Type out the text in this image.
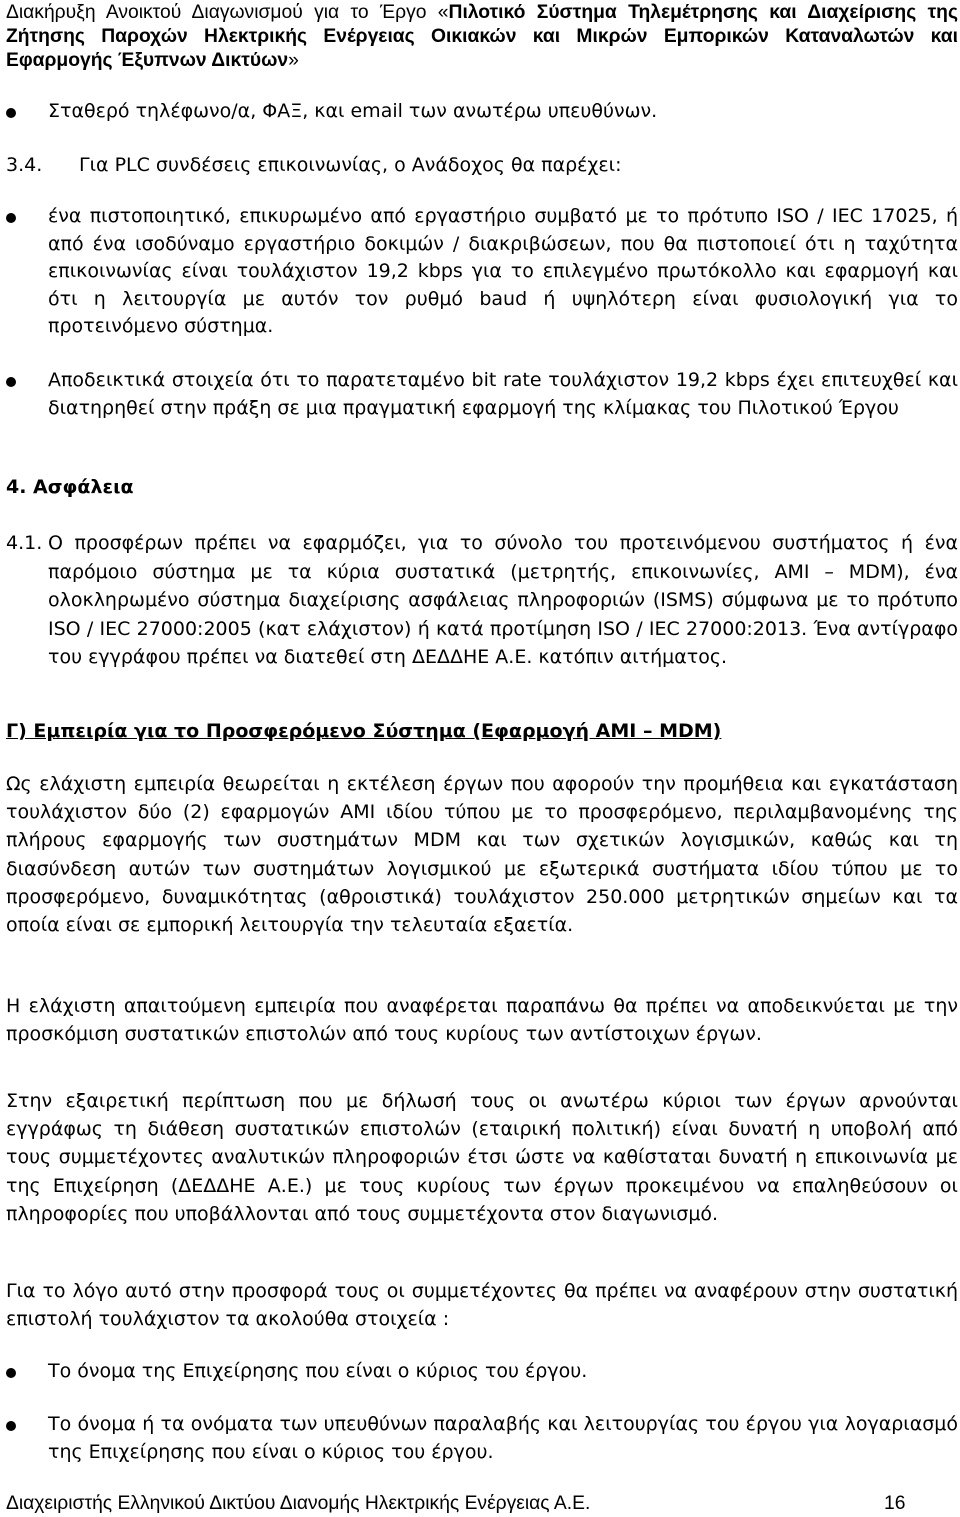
Διακήρυξη Ανοικτού Διαγωνισμού για το Έργο «Πιλοτικό Σύστημα Τηλεμέτρησης και Διαχείρισης της Ζήτησης Παροχών Ηλεκτρικής Ενέργειας Οικιακών και Μικρών Εμπορικών Καταναλωτών και Εφαρμογής Έξυπνων Δικτύων»
Σταθερό τηλέφωνο/α, ΦΑΞ, και email των ανωτέρω υπευθύνων.
3.4. Για PLC συνδέσεις επικοινωνίας, ο Ανάδοχος θα παρέχει:
ένα πιστοποιητικό, επικυρωμένο από εργαστήριο συμβατό με το πρότυπο ISO / IEC 17025, ή από ένα ισοδύναμο εργαστήριο δοκιμών / διακριβώσεων, που θα πιστοποιεί ότι η ταχύτητα επικοινωνίας είναι τουλάχιστον 19,2 kbps για το επιλεγμένο πρωτόκολλο και εφαρμογή και ότι η λειτουργία με αυτόν τον ρυθμό baud ή υψηλότερη είναι φυσιολογική για το προτεινόμενο σύστημα.
Αποδεικτικά στοιχεία ότι το παρατεταμένο bit rate τουλάχιστον 19,2 kbps έχει επιτευχθεί και διατηρηθεί στην πράξη σε μια πραγματική εφαρμογή της κλίμακας του Πιλοτικού Έργου
4. Ασφάλεια
4.1. Ο προσφέρων πρέπει να εφαρμόζει, για το σύνολο του προτεινόμενου συστήματος ή ένα παρόμοιο σύστημα με τα κύρια συστατικά (μετρητής, επικοινωνίες, AMI – MDM), ένα ολοκληρωμένο σύστημα διαχείρισης ασφάλειας πληροφοριών (ISMS) σύμφωνα με το πρότυπο ISO / IEC 27000:2005 (κατ ελάχιστον) ή κατά προτίμηση ISO / IEC 27000:2013. Ένα αντίγραφο του εγγράφου πρέπει να διατεθεί στη ΔΕΔΔΗΕ Α.Ε. κατόπιν αιτήματος.
Γ) Εμπειρία για το Προσφερόμενο Σύστημα (Εφαρμογή AMI – MDM)
Ως ελάχιστη εμπειρία θεωρείται η εκτέλεση έργων που αφορούν την προμήθεια και εγκατάσταση τουλάχιστον δύο (2) εφαρμογών AMI ιδίου τύπου με το προσφερόμενο, περιλαμβανομένης της πλήρους εφαρμογής των συστημάτων MDM και των σχετικών λογισμικών, καθώς και τη διασύνδεση αυτών των συστημάτων λογισμικού με εξωτερικά συστήματα ιδίου τύπου με το προσφερόμενο, δυναμικότητας (αθροιστικά) τουλάχιστον 250.000 μετρητικών σημείων και τα οποία είναι σε εμπορική λειτουργία την τελευταία εξαετία.
Η ελάχιστη απαιτούμενη εμπειρία που αναφέρεται παραπάνω θα πρέπει να αποδεικνύεται με την προσκόμιση συστατικών επιστολών από τους κυρίους των αντίστοιχων έργων.
Στην εξαιρετική περίπτωση που με δήλωσή τους οι ανωτέρω κύριοι των έργων αρνούνται εγγράφως τη διάθεση συστατικών επιστολών (εταιρική πολιτική) είναι δυνατή η υποβολή από τους συμμετέχοντες αναλυτικών πληροφοριών έτσι ώστε να καθίσταται δυνατή η επικοινωνία με της Επιχείρηση (ΔΕΔΔΗΕ Α.Ε.) με τους κυρίους των έργων προκειμένου να επαληθεύσουν οι πληροφορίες που υποβάλλονται από τους συμμετέχοντα στον διαγωνισμό.
Για το λόγο αυτό στην προσφορά τους οι συμμετέχοντες θα πρέπει να αναφέρουν στην συστατική επιστολή τουλάχιστον τα ακολούθα στοιχεία :
Το όνομα της Επιχείρησης που είναι ο κύριος του έργου.
Το όνομα ή τα ονόματα των υπευθύνων παραλαβής και λειτουργίας του έργου για λογαριασμό της Επιχείρησης που είναι ο κύριος του έργου.
Διαχειριστής Ελληνικού Δικτύου Διανομής Ηλεκτρικής Ενέργειας Α.Ε.	16
